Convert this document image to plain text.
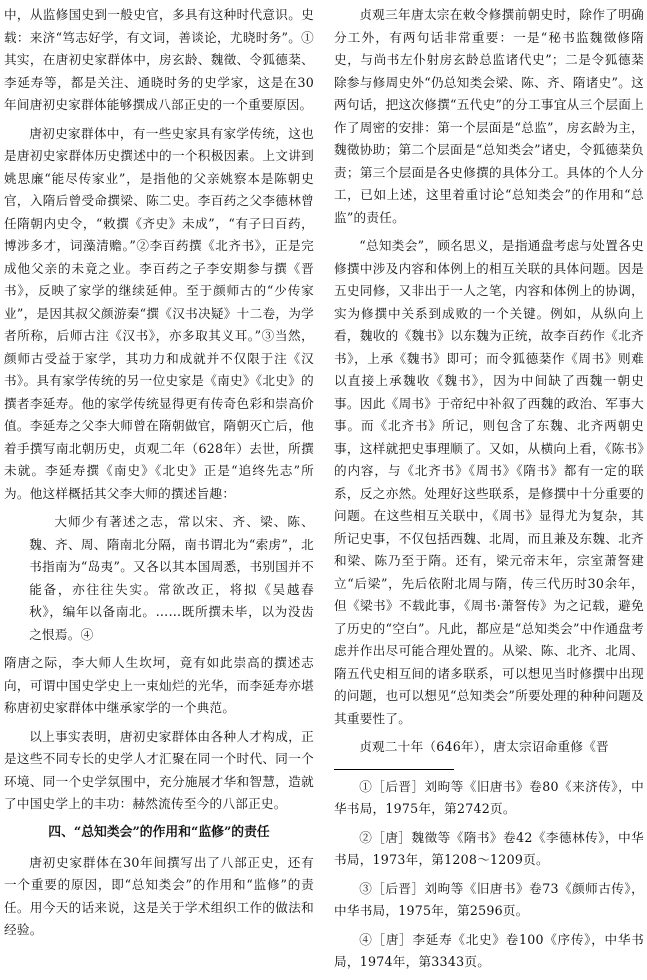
中，从监修国史到一般史官，多具有这种时代意识。史载：来济“笃志好学，有文词，善谈论，尤晓时务”。①其实，在唐初史家群体中，房玄龄、魏徵、令狐德棻、李延寿等，都是关注、通晓时务的史学家，这是在30年间唐初史家群体能够撰成八部正史的一个重要原因。

唐初史家群体中，有一些史家具有家学传统，这也是唐初史家群体历史撰述中的一个积极因素。上文讲到姚思廉“能尽传家业”，是指他的父亲姚察本是陈朝史官，入隋后曾受命撰梁、陈二史。李百药之父李德林曾任隋朝内史令，“敕撰《齐史》未成”，“有子曰百药，博涉多才，词藻清赡。”②李百药撰《北齐书》，正是完成他父亲的未竟之业。李百药之子李安期参与撰《晋书》，反映了家学的继续延伸。至于颜师古的“少传家业”，是因其叔父颜游秦“撰《汉书决疑》十二卷，为学者所称，后师古注《汉书》，亦多取其义耳。”③当然，颜师古受益于家学，其功力和成就并不仅限于注《汉书》。具有家学传统的另一位史家是《南史》《北史》的撰者李延寿。他的家学传统显得更有传奇色彩和崇高价值。李延寿之父李大师曾在隋朝做官，隋朝灭亡后，他着手撰写南北朝历史，贞观二年（628年）去世，所撰未就。李延寿撰《南史》《北史》正是“追终先志”所为。他这样概括其父李大师的撰述旨趣：

大师少有著述之志，常以宋、齐、梁、陈、魏、齐、周、隋南北分隔，南书谓北为“索虏”，北书指南为“岛夷”。又各以其本国周悉，书别国并不能备，亦往往失实。常欲改正，将拟《吴越春秋》，编年以备南北。……既所撰未毕，以为没齿之恨焉。④

隋唐之际，李大师人生坎坷，竟有如此崇高的撰述志向，可谓中国史学史上一束灿烂的光华，而李延寿亦堪称唐初史家群体中继承家学的一个典范。

以上事实表明，唐初史家群体由各种人才构成，正是这些不同专长的史学人才汇聚在同一个时代、同一个环境、同一个史学氛围中，充分施展才华和智慧，造就了中国史学上的丰功：赫然流传至今的八部正史。

四、“总知类会”的作用和“监修”的责任

唐初史家群体在30年间撰写出了八部正史，还有一个重要的原因，即“总知类会”的作用和“监修”的责任。用今天的话来说，这是关于学术组织工作的做法和经验。

贞观三年唐太宗在敕令修撰前朝史时，除作了明确分工外，有两句话非常重要：一是“秘书监魏徵修隋史，与尚书左仆射房玄龄总监诸代史”；二是令狐德棻除参与修周史外“仍总知类会梁、陈、齐、隋诸史”。这两句话，把这次修撰“五代史”的分工事宜从三个层面上作了周密的安排：第一个层面是“总监”，房玄龄为主，魏徵协助；第二个层面是“总知类会”诸史，令狐德棻负责；第三个层面是各史修撰的具体分工。具体的个人分工，已如上述，这里着重讨论“总知类会”的作用和“总监”的责任。

“总知类会”，顾名思义，是指通盘考虑与处置各史修撰中涉及内容和体例上的相互关联的具体问题。因是五史同修，又非出于一人之笔，内容和体例上的协调，实为修撰中关系到成败的一个关键。例如，从纵向上看，魏收的《魏书》以东魏为正统，故李百药作《北齐书》，上承《魏书》即可；而令狐德棻作《周书》则难以直接上承魏收《魏书》，因为中间缺了西魏一朝史事。因此《周书》于帝纪中补叙了西魏的政治、军事大事。而《北齐书》所记，则包含了东魏、北齐两朝史事，这样就把史事理顺了。又如，从横向上看，《陈书》的内容，与《北齐书》《周书》《隋书》都有一定的联系，反之亦然。处理好这些联系，是修撰中十分重要的问题。在这些相互关联中，《周书》显得尤为复杂，其所记史事，不仅包括西魏、北周，而且兼及东魏、北齐和梁、陈乃至于隋。还有，梁元帝末年，宗室萧詧建立“后梁”，先后依附北周与隋，传三代历时30余年，但《梁书》不载此事，《周书·萧詧传》为之记载，避免了历史的“空白”。凡此，都应是“总知类会”中作通盘考虑并作出尽可能合理处置的。从梁、陈、北齐、北周、隋五代史相互间的诸多联系，可以想见当时修撰中出现的问题，也可以想见“总知类会”所要处理的种种问题及其重要性了。

贞观二十年（646年），唐太宗诏命重修《晋

①［后晋］刘昫等《旧唐书》卷80《来济传》，中华书局，1975年，第2742页。

②［唐］魏徵等《隋书》卷42《李德林传》，中华书局，1973年，第1208～1209页。

③［后晋］刘昫等《旧唐书》卷73《颜师古传》，中华书局，1975年，第2596页。

④［唐］李延寿《北史》卷100《序传》，中华书局，1974年，第3343页。
